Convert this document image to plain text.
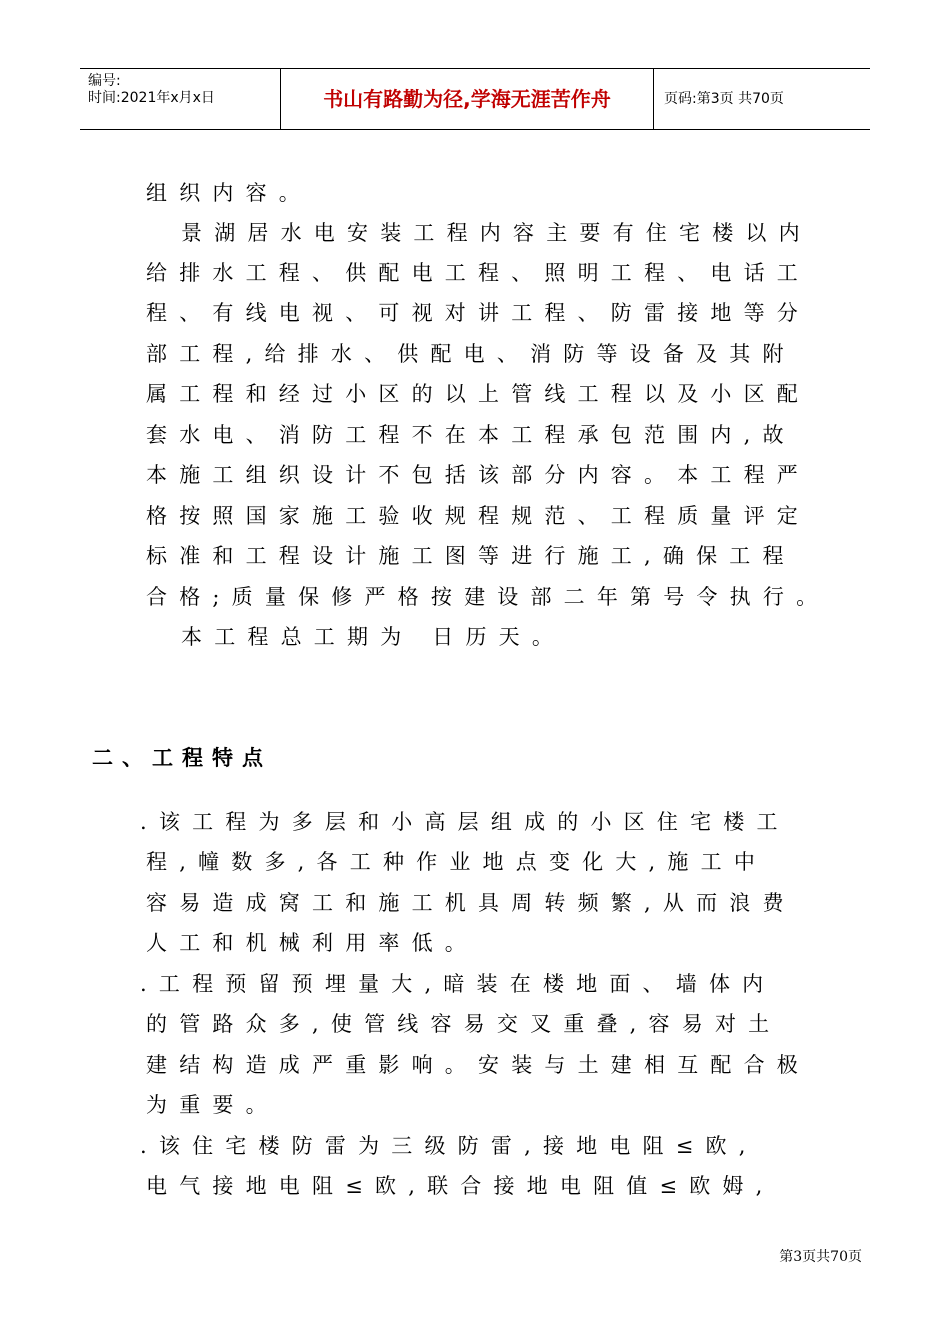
编号:
时间:2021年x月x日	书山有路勤为径,学海无涯苦作舟	页码:第3页 共70页
组织内容。
景湖居水电安装工程内容主要有住宅楼以内
给排水工程、供配电工程、照明工程、电话工
程、有线电视、可视对讲工程、防雷接地等分
部工程,给排水、供配电、消防等设备及其附
属工程和经过小区的以上管线工程以及小区配
套水电、消防工程不在本工程承包范围内,故
本施工组织设计不包括该部分内容。本工程严
格按照国家施工验收规程规范、工程质量评定
标准和工程设计施工图等进行施工,确保工程
合格;质量保修严格按建设部二年第号令执行。
本工程总工期为 日历天。
二、工程特点
.该工程为多层和小高层组成的小区住宅楼工
程,幢数多,各工种作业地点变化大,施工中
容易造成窝工和施工机具周转频繁,从而浪费
人工和机械利用率低。
.工程预留预埋量大,暗装在楼地面、墙体内
的管路众多,使管线容易交叉重叠,容易对土
建结构造成严重影响。安装与土建相互配合极
为重要。
.该住宅楼防雷为三级防雷,接地电阻≤欧,
电气接地电阻≤欧,联合接地电阻值≤欧姆,
第3页共70页
